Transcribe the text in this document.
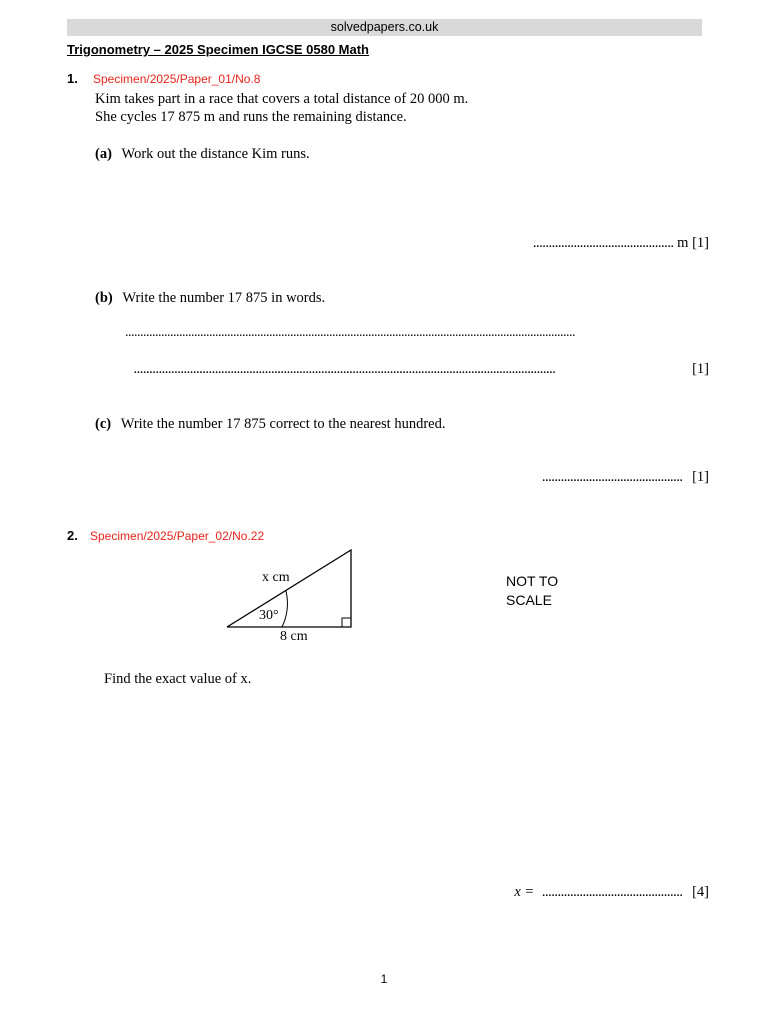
solvedpapers.co.uk
Trigonometry – 2025 Specimen IGCSE 0580 Math
1. Specimen/2025/Paper_01/No.8
Kim takes part in a race that covers a total distance of 20 000 m.
She cycles 17 875 m and runs the remaining distance.
(a) Work out the distance Kim runs.
............................................. m [1]
(b) Write the number 17 875 in words.
......................................................................................................................................................
.......................................................................................................................................	[1]
(c) Write the number 17 875 correct to the nearest hundred.
............................................. [1]
2. Specimen/2025/Paper_02/No.22
x cm
30°
8 cm
NOT TO
SCALE
Find the exact value of x.
x = ............................................. [4]
1
